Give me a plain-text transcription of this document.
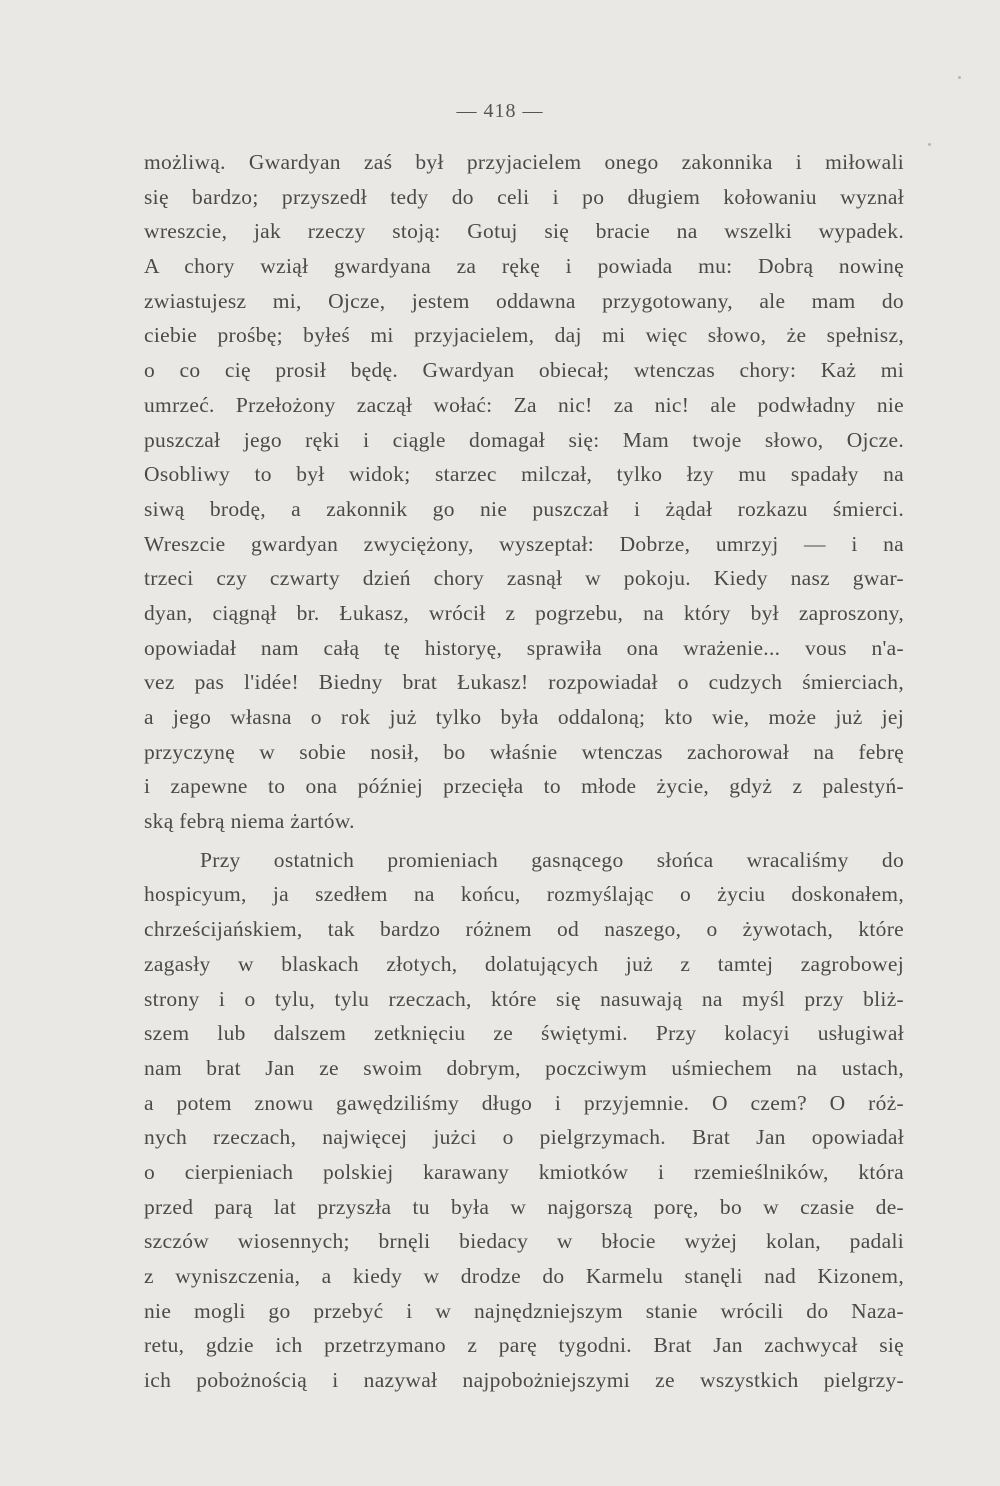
— 418 —
możliwą. Gwardyan zaś był przyjacielem onego zakonnika i miłowali
się bardzo; przyszedł tedy do celi i po długiem kołowaniu wyznał
wreszcie, jak rzeczy stoją: Gotuj się bracie na wszelki wypadek.
A chory wziął gwardyana za rękę i powiada mu: Dobrą nowinę
zwiastujesz mi, Ojcze, jestem oddawna przygotowany, ale mam do
ciebie prośbę; byłeś mi przyjacielem, daj mi więc słowo, że spełnisz,
o co cię prosił będę. Gwardyan obiecał; wtenczas chory: Każ mi
umrzeć. Przełożony zaczął wołać: Za nic! za nic! ale podwładny nie
puszczał jego ręki i ciągle domagał się: Mam twoje słowo, Ojcze.
Osobliwy to był widok; starzec milczał, tylko łzy mu spadały na
siwą brodę, a zakonnik go nie puszczał i żądał rozkazu śmierci.
Wreszcie gwardyan zwyciężony, wyszeptał: Dobrze, umrzyj — i na
trzeci czy czwarty dzień chory zasnął w pokoju. Kiedy nasz gwar-
dyan, ciągnął br. Łukasz, wrócił z pogrzebu, na który był zaproszony,
opowiadał nam całą tę historyę, sprawiła ona wrażenie... vous n'a-
vez pas l'idée! Biedny brat Łukasz! rozpowiadał o cudzych śmierciach,
a jego własna o rok już tylko była oddaloną; kto wie, może już jej
przyczynę w sobie nosił, bo właśnie wtenczas zachorował na febrę
i zapewne to ona później przecięła to młode życie, gdyż z palestyń-
ską febrą niema żartów.
Przy ostatnich promieniach gasnącego słońca wracaliśmy do
hospicyum, ja szedłem na końcu, rozmyślając o życiu doskonałem,
chrześcijańskiem, tak bardzo różnem od naszego, o żywotach, które
zagasły w blaskach złotych, dolatujących już z tamtej zagrobowej
strony i o tylu, tylu rzeczach, które się nasuwają na myśl przy bliż-
szem lub dalszem zetknięciu ze świętymi. Przy kolacyi usługiwał
nam brat Jan ze swoim dobrym, poczciwym uśmiechem na ustach,
a potem znowu gawędziliśmy długo i przyjemnie. O czem? O róż-
nych rzeczach, najwięcej jużci o pielgrzymach. Brat Jan opowiadał
o cierpieniach polskiej karawany kmiotków i rzemieślników, która
przed parą lat przyszła tu była w najgorszą porę, bo w czasie de-
szczów wiosennych; brnęli biedacy w błocie wyżej kolan, padali
z wyniszczenia, a kiedy w drodze do Karmelu stanęli nad Kizonem,
nie mogli go przebyć i w najnędzniejszym stanie wrócili do Naza-
retu, gdzie ich przetrzymano z parę tygodni. Brat Jan zachwycał się
ich pobożnością i nazywał najpobożniejszymi ze wszystkich pielgrzy-
